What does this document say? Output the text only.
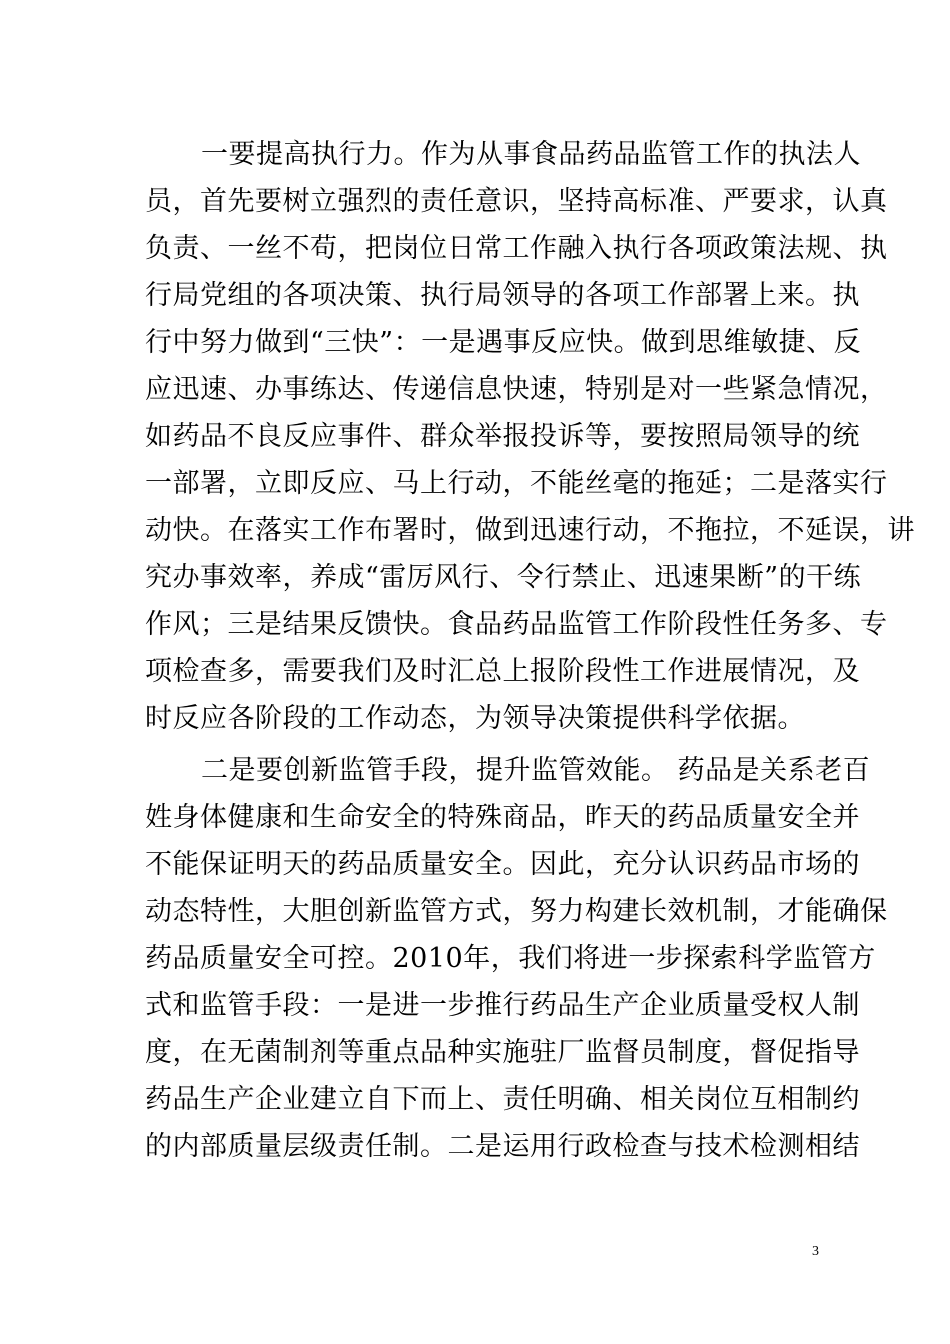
一要提高执行力。作为从事食品药品监管工作的执法人
员，首先要树立强烈的责任意识，坚持高标准、严要求，认真
负责、一丝不苟，把岗位日常工作融入执行各项政策法规、执
行局党组的各项决策、执行局领导的各项工作部署上来。执
行中努力做到“三快”：一是遇事反应快。做到思维敏捷、反
应迅速、办事练达、传递信息快速，特别是对一些紧急情况，
如药品不良反应事件、群众举报投诉等，要按照局领导的统
一部署，立即反应、马上行动，不能丝毫的拖延；二是落实行
动快。在落实工作布署时，做到迅速行动，不拖拉，不延误，讲
究办事效率，养成“雷厉风行、令行禁止、迅速果断”的干练
作风；三是结果反馈快。食品药品监管工作阶段性任务多、专
项检查多，需要我们及时汇总上报阶段性工作进展情况，及
时反应各阶段的工作动态，为领导决策提供科学依据。
二是要创新监管手段，提升监管效能。 药品是关系老百
姓身体健康和生命安全的特殊商品，昨天的药品质量安全并
不能保证明天的药品质量安全。因此，充分认识药品市场的
动态特性，大胆创新监管方式，努力构建长效机制，才能确保
药品质量安全可控。2010年，我们将进一步探索科学监管方
式和监管手段：一是进一步推行药品生产企业质量受权人制
度，在无菌制剂等重点品种实施驻厂监督员制度，督促指导
药品生产企业建立自下而上、责任明确、相关岗位互相制约
的内部质量层级责任制。二是运用行政检查与技术检测相结
3
